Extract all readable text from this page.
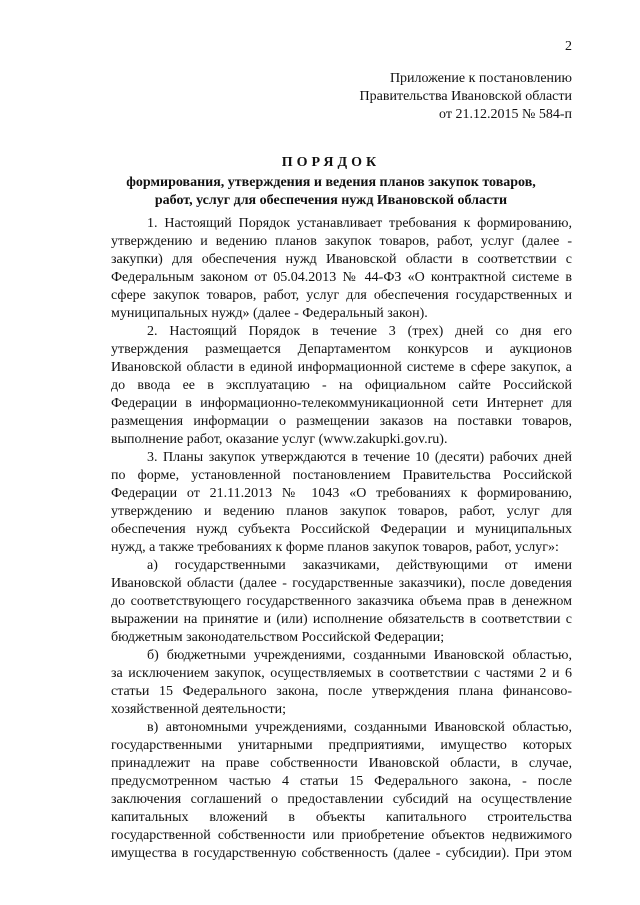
2
Приложение к постановлению
Правительства Ивановской области
от 21.12.2015 № 584-п
ПОРЯДОК
формирования, утверждения и ведения планов закупок товаров,
работ, услуг для обеспечения нужд Ивановской области
1. Настоящий Порядок устанавливает требования к формированию,
утверждению и ведению планов закупок товаров, работ, услуг (далее -
закупки) для обеспечения нужд Ивановской области в соответствии с
Федеральным законом от 05.04.2013 № 44-ФЗ «О контрактной системе в
сфере закупок товаров, работ, услуг для обеспечения государственных и
муниципальных нужд» (далее - Федеральный закон).
2. Настоящий Порядок в течение 3 (трех) дней со дня его
утверждения размещается Департаментом конкурсов и аукционов
Ивановской области в единой информационной системе в сфере закупок, а
до ввода ее в эксплуатацию - на официальном сайте Российской
Федерации в информационно-телекоммуникационной сети Интернет для
размещения информации о размещении заказов на поставки товаров,
выполнение работ, оказание услуг (www.zakupki.gov.ru).
3. Планы закупок утверждаются в течение 10 (десяти) рабочих дней
по форме, установленной постановлением Правительства Российской
Федерации от 21.11.2013 № 1043 «О требованиях к формированию,
утверждению и ведению планов закупок товаров, работ, услуг для
обеспечения нужд субъекта Российской Федерации и муниципальных
нужд, а также требованиях к форме планов закупок товаров, работ, услуг»:
а) государственными заказчиками, действующими от имени
Ивановской области (далее - государственные заказчики), после доведения
до соответствующего государственного заказчика объема прав в денежном
выражении на принятие и (или) исполнение обязательств в соответствии с
бюджетным законодательством Российской Федерации;
б) бюджетными учреждениями, созданными Ивановской областью,
за исключением закупок, осуществляемых в соответствии с частями 2 и 6
статьи 15 Федерального закона, после утверждения плана финансово-
хозяйственной деятельности;
в) автономными учреждениями, созданными Ивановской областью,
государственными унитарными предприятиями, имущество которых
принадлежит на праве собственности Ивановской области, в случае,
предусмотренном частью 4 статьи 15 Федерального закона, - после
заключения соглашений о предоставлении субсидий на осуществление
капитальных вложений в объекты капитального строительства
государственной собственности или приобретение объектов недвижимого
имущества в государственную собственность (далее - субсидии). При этом
